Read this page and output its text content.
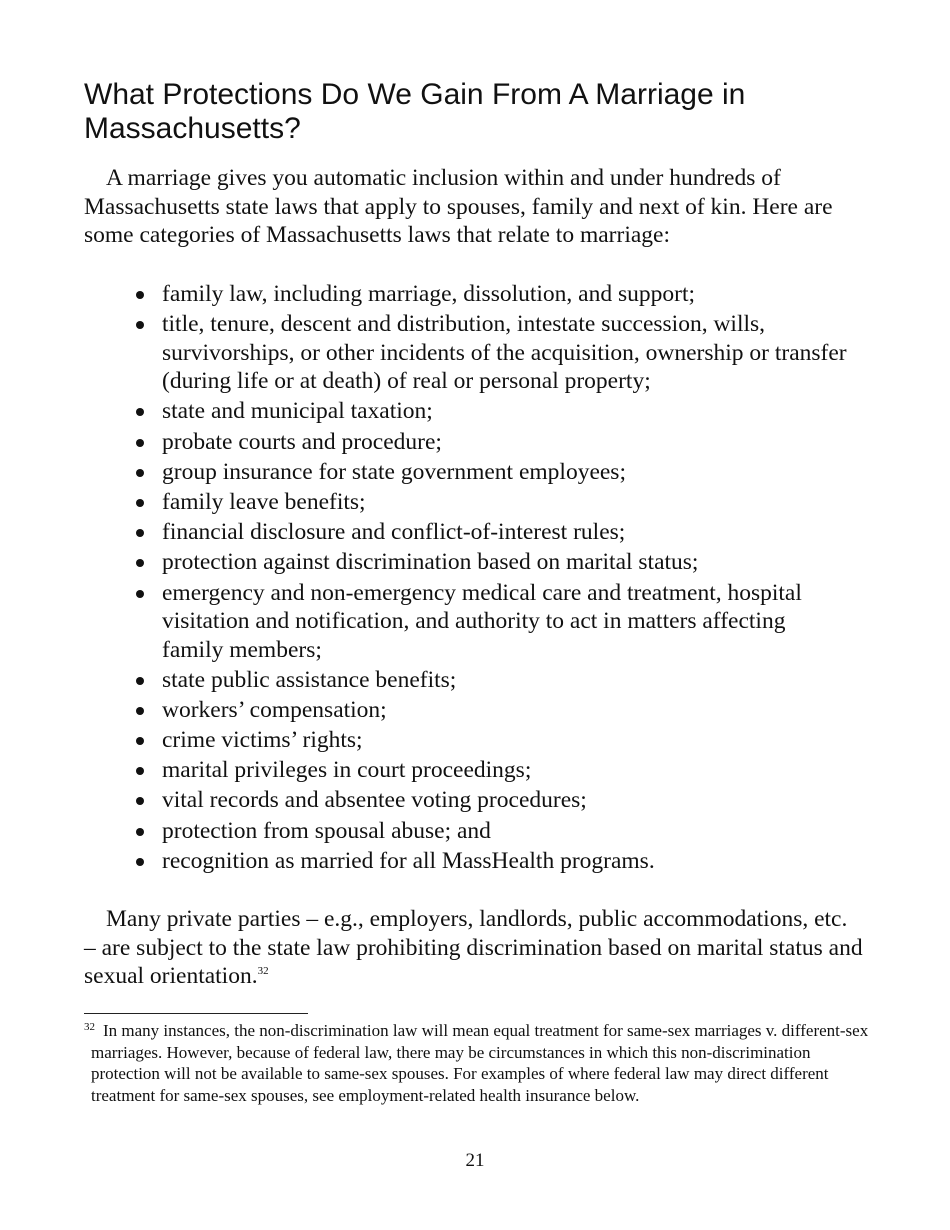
What Protections Do We Gain From A Marriage in Massachusetts?

A marriage gives you automatic inclusion within and under hundreds of Massachusetts state laws that apply to spouses, family and next of kin. Here are some categories of Massachusetts laws that relate to marriage:

family law, including marriage, dissolution, and support;
title, tenure, descent and distribution, intestate succession, wills, survivorships, or other incidents of the acquisition, ownership or transfer (during life or at death) of real or personal property;
state and municipal taxation;
probate courts and procedure;
group insurance for state government employees;
family leave benefits;
financial disclosure and conflict-of-interest rules;
protection against discrimination based on marital status;
emergency and non-emergency medical care and treatment, hospital visitation and notification, and authority to act in matters affecting family members;
state public assistance benefits;
workers’ compensation;
crime victims’ rights;
marital privileges in court proceedings;
vital records and absentee voting procedures;
protection from spousal abuse; and
recognition as married for all MassHealth programs.

Many private parties – e.g., employers, landlords, public accommodations, etc. – are subject to the state law prohibiting discrimination based on marital status and sexual orientation.$^{32}$

$^{32}$ In many instances, the non-discrimination law will mean equal treatment for same-sex marriages v. different-sex marriages. However, because of federal law, there may be circumstances in which this non-discrimination protection will not be available to same-sex spouses. For examples of where federal law may direct different treatment for same-sex spouses, see employment-related health insurance below.

21
